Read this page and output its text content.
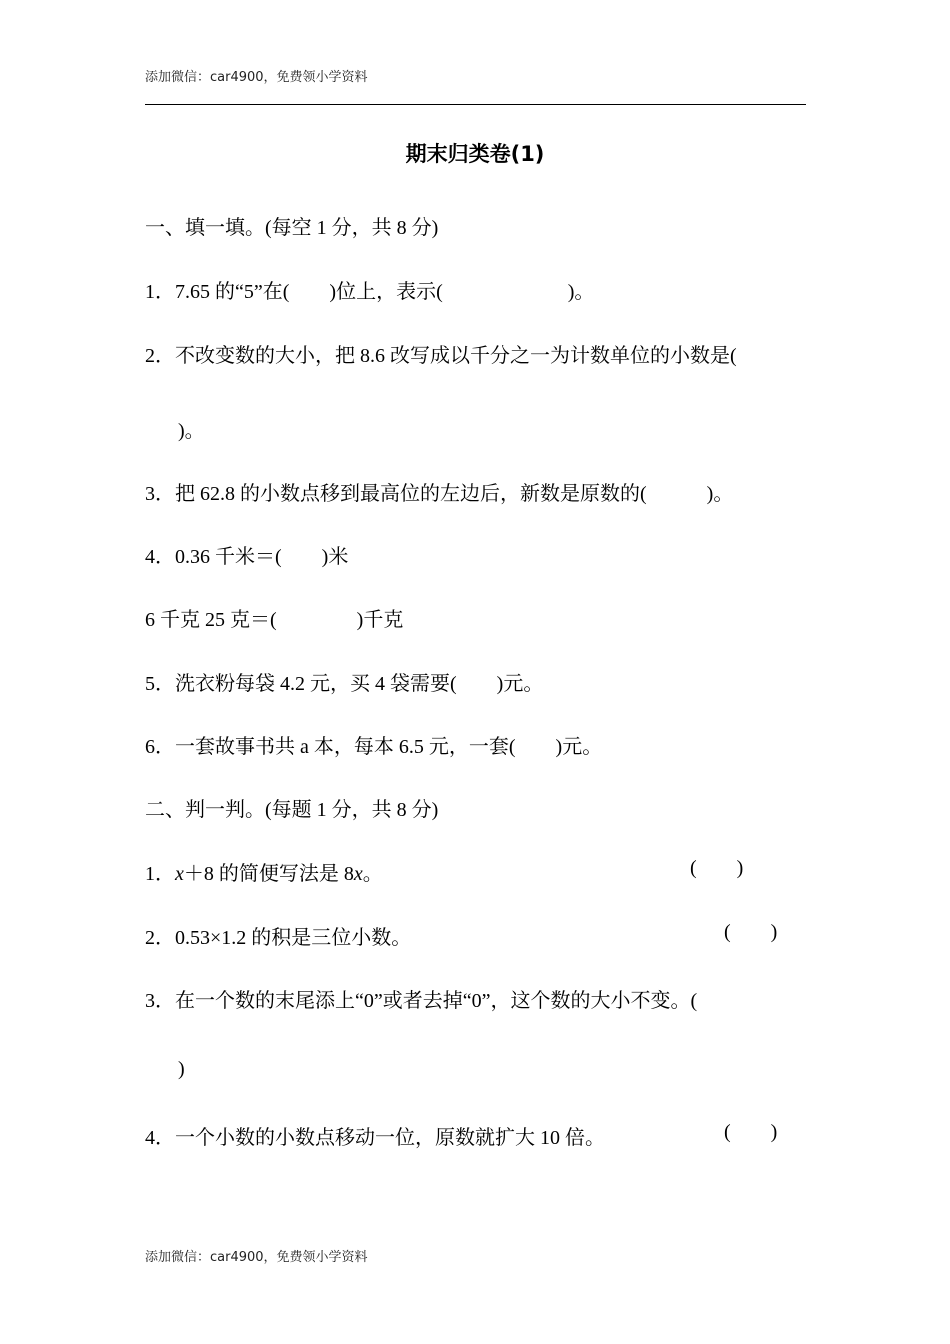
添加微信：car4900，免费领小学资料
期末归类卷(1)
一、填一填。(每空 1 分，共 8 分)
1．7.65 的“5”在(        )位上，表示(                         )。
2．不改变数的大小，把 8.6 改写成以千分之一为计数单位的小数是(
)。
3．把 62.8 的小数点移到最高位的左边后，新数是原数的(            )。
4．0.36 千米＝(        )米
6 千克 25 克＝(                )千克
5．洗衣粉每袋 4.2 元，买 4 袋需要(        )元。
6．一套故事书共 a 本，每本 6.5 元，一套(        )元。
二、判一判。(每题 1 分，共 8 分)
1．x＋8 的简便写法是 8x。	(        )
2．0.53×1.2 的积是三位小数。	(        )
3．在一个数的末尾添上“0”或者去掉“0”，这个数的大小不变。(
)
4．一个小数的小数点移动一位，原数就扩大 10 倍。	(        )
添加微信：car4900，免费领小学资料
